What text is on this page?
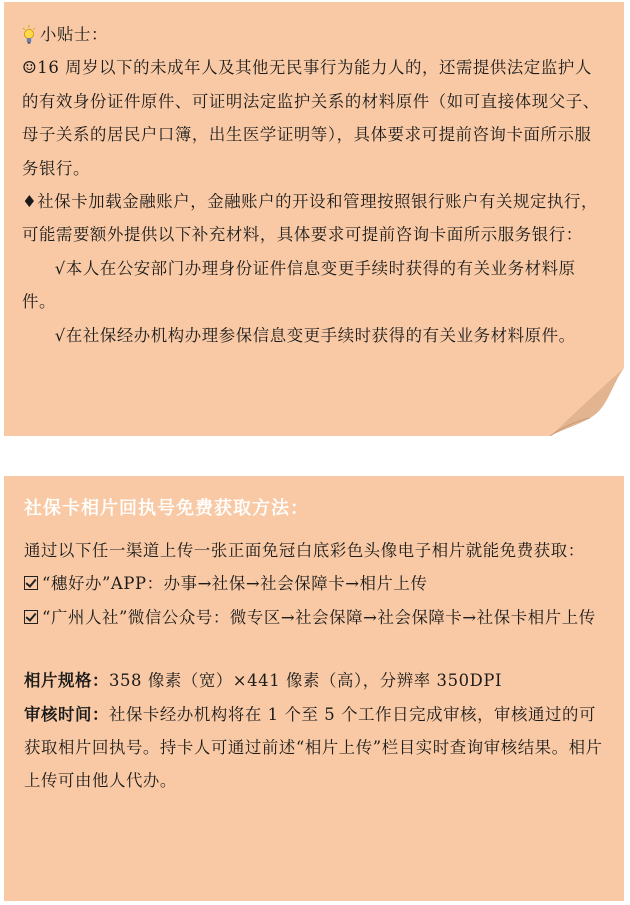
小贴士：

☺16 周岁以下的未成年人及其他无民事行为能力人的，还需提供法定监护人的有效身份证件原件、可证明法定监护关系的材料原件（如可直接体现父子、母子关系的居民户口簿，出生医学证明等），具体要求可提前咨询卡面所示服务银行。

♦社保卡加载金融账户，金融账户的开设和管理按照银行账户有关规定执行，可能需要额外提供以下补充材料，具体要求可提前咨询卡面所示服务银行：

√本人在公安部门办理身份证件信息变更手续时获得的有关业务材料原件。

√在社保经办机构办理参保信息变更手续时获得的有关业务材料原件。

社保卡相片回执号免费获取方法：

通过以下任一渠道上传一张正面免冠白底彩色头像电子相片就能免费获取：

“穗好办”APP：办事→社保→社会保障卡→相片上传

“广州人社”微信公众号：微专区→社会保障→社会保障卡→社保卡相片上传

相片规格：358 像素（宽）×441 像素（高），分辨率 350DPI

审核时间：社保卡经办机构将在 1 个至 5 个工作日完成审核，审核通过的可获取相片回执号。持卡人可通过前述“相片上传”栏目实时查询审核结果。相片上传可由他人代办。
